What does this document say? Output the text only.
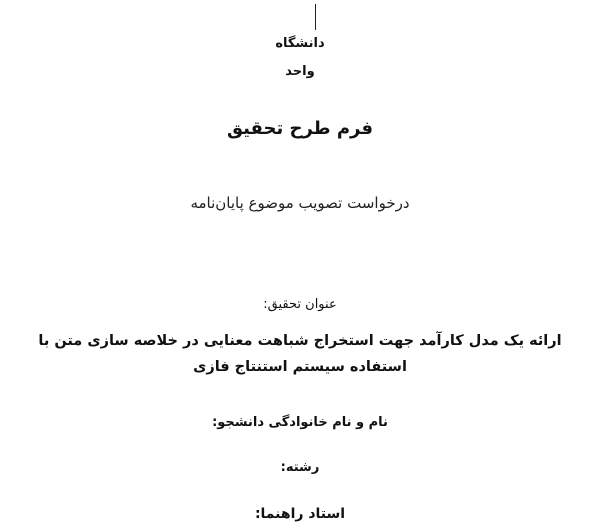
دانشگاه
واحد
فرم طرح تحقیق
درخواست تصویب موضوع پایان‌نامه
عنوان تحقیق:
ارائه یک مدل کارآمد جهت استخراج شباهت معنایی در خلاصه سازی متن با
استفاده سیستم استنتاج فازی
نام و نام خانوادگی دانشجو:
رشته:
استاد راهنما:
